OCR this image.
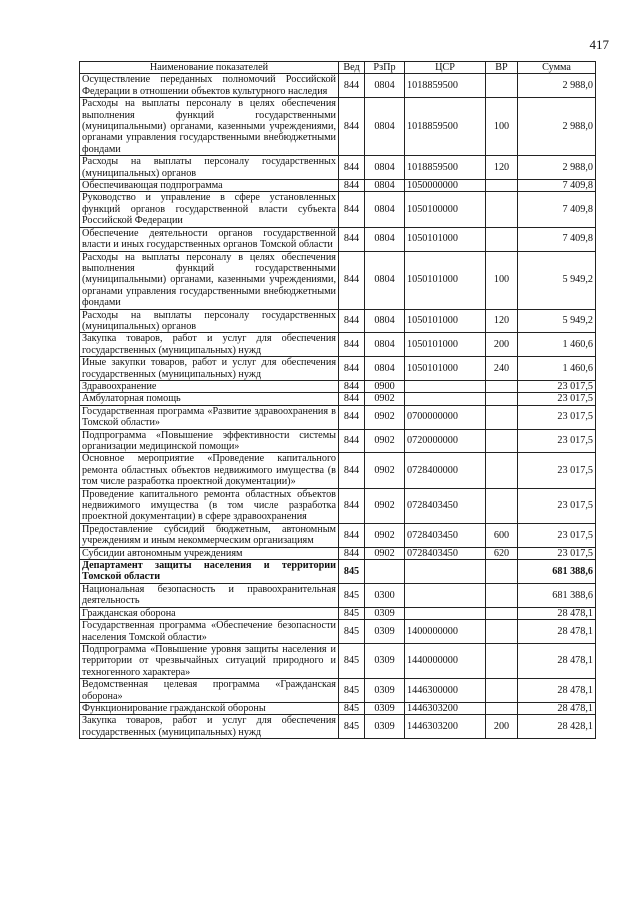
417
Наименование показателей	Вед	РзПр	ЦСР	ВР	Сумма
Осуществление переданных полномочий Российской Федерации в отношении объектов культурного наследия	844	0804	1018859500		2 988,0
Расходы на выплаты персоналу в целях обеспечения выполнения функций государственными (муниципальными) органами, казенными учреждениями, органами управления государственными внебюджетными фондами	844	0804	1018859500	100	2 988,0
Расходы на выплаты персоналу государственных (муниципальных) органов	844	0804	1018859500	120	2 988,0
Обеспечивающая подпрограмма	844	0804	1050000000		7 409,8
Руководство и управление в сфере установленных функций органов государственной власти субъекта Российской Федерации	844	0804	1050100000		7 409,8
Обеспечение деятельности органов государственной власти и иных государственных органов Томской области	844	0804	1050101000		7 409,8
Расходы на выплаты персоналу в целях обеспечения выполнения функций государственными (муниципальными) органами, казенными учреждениями, органами управления государственными внебюджетными фондами	844	0804	1050101000	100	5 949,2
Расходы на выплаты персоналу государственных (муниципальных) органов	844	0804	1050101000	120	5 949,2
Закупка товаров, работ и услуг для обеспечения государственных (муниципальных) нужд	844	0804	1050101000	200	1 460,6
Иные закупки товаров, работ и услуг для обеспечения государственных (муниципальных) нужд	844	0804	1050101000	240	1 460,6
Здравоохранение	844	0900			23 017,5
Амбулаторная помощь	844	0902			23 017,5
Государственная программа «Развитие здравоохранения в Томской области»	844	0902	0700000000		23 017,5
Подпрограмма «Повышение эффективности системы организации медицинской помощи»	844	0902	0720000000		23 017,5
Основное мероприятие «Проведение капитального ремонта областных объектов недвижимого имущества (в том числе разработка проектной документации)»	844	0902	0728400000		23 017,5
Проведение капитального ремонта областных объектов недвижимого имущества (в том числе разработка проектной документации) в сфере здравоохранения	844	0902	0728403450		23 017,5
Предоставление субсидий бюджетным, автономным учреждениям и иным некоммерческим организациям	844	0902	0728403450	600	23 017,5
Субсидии автономным учреждениям	844	0902	0728403450	620	23 017,5
Департамент защиты населения и территории Томской области	845				681 388,6
Национальная безопасность и правоохранительная деятельность	845	0300			681 388,6
Гражданская оборона	845	0309			28 478,1
Государственная программа «Обеспечение безопасности населения Томской области»	845	0309	1400000000		28 478,1
Подпрограмма «Повышение уровня защиты населения и территории от чрезвычайных ситуаций природного и техногенного характера»	845	0309	1440000000		28 478,1
Ведомственная целевая программа «Гражданская оборона»	845	0309	1446300000		28 478,1
Функционирование гражданской обороны	845	0309	1446303200		28 478,1
Закупка товаров, работ и услуг для обеспечения государственных (муниципальных) нужд	845	0309	1446303200	200	28 428,1
